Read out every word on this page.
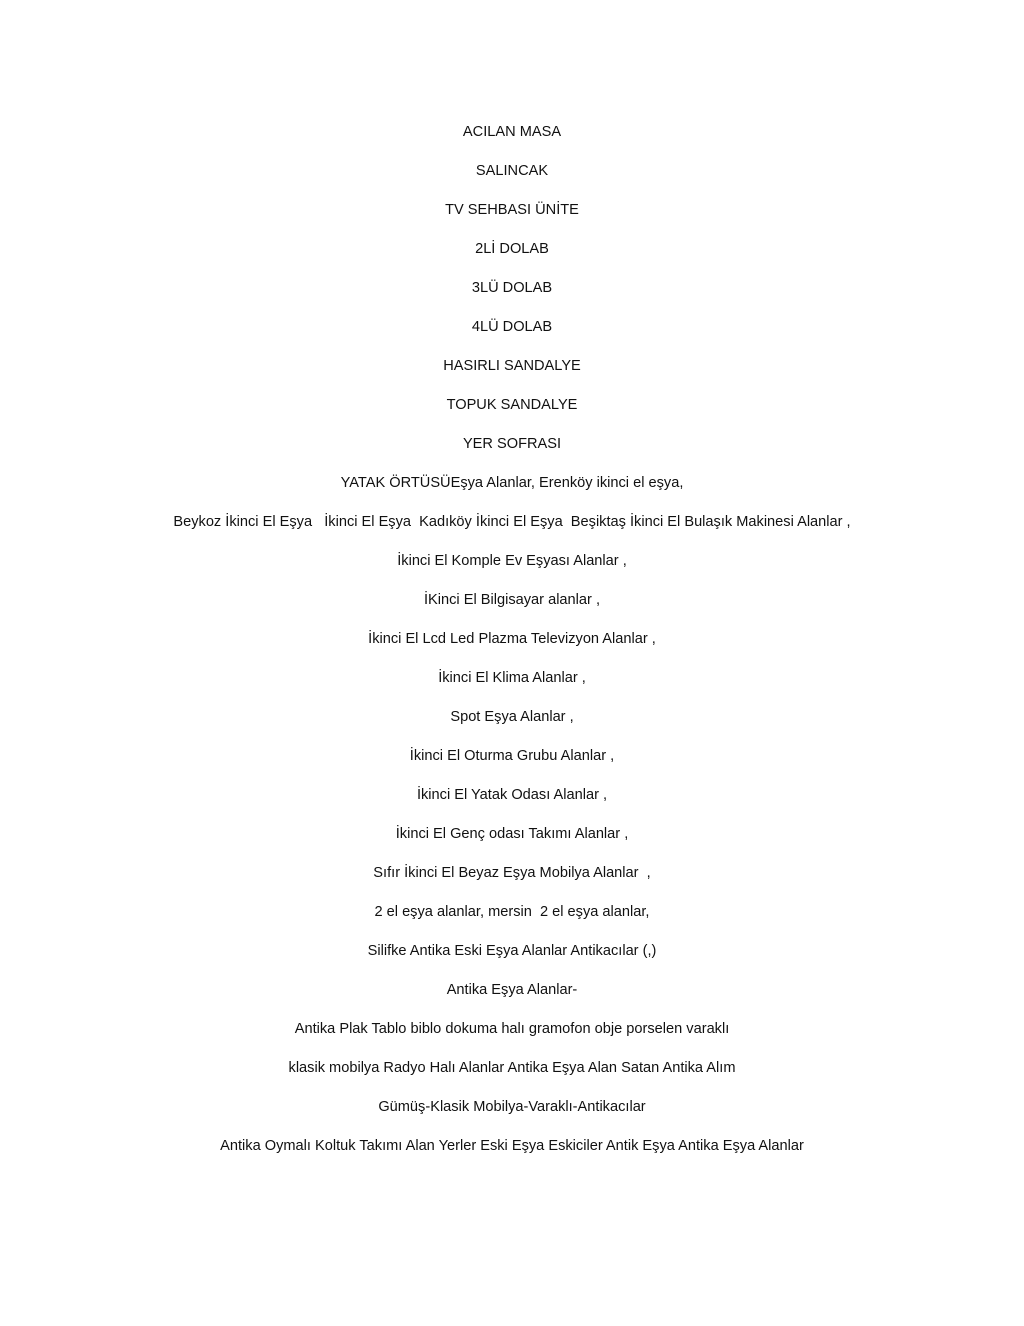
ACILAN MASA

SALINCAK

TV SEHBASI ÜNİTE

2Lİ DOLAB

3LÜ DOLAB

4LÜ DOLAB

HASIRLI SANDALYE

TOPUK SANDALYE

YER SOFRASI

YATAK ÖRTÜSÜEşya Alanlar, Erenköy ikinci el eşya,

Beykoz İkinci El Eşya   İkinci El Eşya  Kadıköy İkinci El Eşya  Beşiktaş İkinci El Bulaşık Makinesi Alanlar ,

İkinci El Komple Ev Eşyası Alanlar ,

İKinci El Bilgisayar alanlar ,

İkinci El Lcd Led Plazma Televizyon Alanlar ,

İkinci El Klima Alanlar ,

Spot Eşya Alanlar ,

İkinci El Oturma Grubu Alanlar ,

İkinci El Yatak Odası Alanlar ,

İkinci El Genç odası Takımı Alanlar ,

Sıfır İkinci El Beyaz Eşya Mobilya Alanlar  ,

2 el eşya alanlar, mersin  2 el eşya alanlar,

Silifke Antika Eski Eşya Alanlar Antikacılar (,)

Antika Eşya Alanlar-

Antika Plak Tablo biblo dokuma halı gramofon obje porselen varaklı

klasik mobilya Radyo Halı Alanlar Antika Eşya Alan Satan Antika Alım

Gümüş-Klasik Mobilya-Varaklı-Antikacılar

Antika Oymalı Koltuk Takımı Alan Yerler Eski Eşya Eskiciler Antik Eşya Antika Eşya Alanlar
